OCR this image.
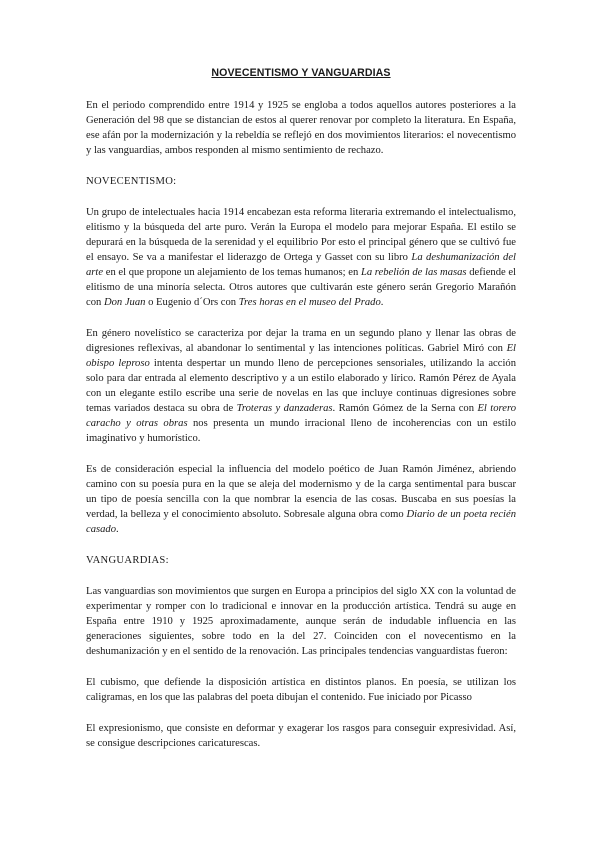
NOVECENTISMO Y VANGUARDIAS

En el periodo comprendido entre 1914 y 1925 se engloba a todos aquellos autores posteriores a la Generación del 98 que se distancian de estos al querer renovar por completo la literatura. En España, ese afán por la modernización y la rebeldía se reflejó en dos movimientos literarios: el novecentismo y las vanguardias, ambos responden al mismo sentimiento de rechazo.

NOVECENTISMO:

Un grupo de intelectuales hacia 1914 encabezan esta reforma literaria extremando el intelectualismo, elitismo y la búsqueda del arte puro. Verán la Europa el modelo para mejorar España. El estilo se depurará en la búsqueda de la serenidad y el equilibrio Por esto el principal género que se cultivó fue el ensayo. Se va a manifestar el liderazgo de Ortega y Gasset con su libro La deshumanización del arte en el que propone un alejamiento de los temas humanos; en La rebelión de las masas defiende el elitismo de una minoría selecta. Otros autores que cultivarán este género serán Gregorio Marañón con Don Juan o Eugenio d´Ors con Tres horas en el museo del Prado.

En género novelístico se caracteriza por dejar la trama en un segundo plano y llenar las obras de digresiones reflexivas, al abandonar lo sentimental y las intenciones políticas. Gabriel Miró con El obispo leproso intenta despertar un mundo lleno de percepciones sensoriales, utilizando la acción solo para dar entrada al elemento descriptivo y a un estilo elaborado y lírico. Ramón Pérez de Ayala con un elegante estilo escribe una serie de novelas en las que incluye continuas digresiones sobre temas variados destaca su obra de Troteras y danzaderas. Ramón Gómez de la Serna con El torero caracho y otras obras nos presenta un mundo irracional lleno de incoherencias con un estilo imaginativo y humorístico.

Es de consideración especial la influencia del modelo poético de Juan Ramón Jiménez, abriendo camino con su poesía pura en la que se aleja del modernismo y de la carga sentimental para buscar un tipo de poesía sencilla con la que nombrar la esencia de las cosas. Buscaba en sus poesías la verdad, la belleza y el conocimiento absoluto. Sobresale alguna obra como Diario de un poeta recién casado.

VANGUARDIAS:

Las vanguardias son movimientos que surgen en Europa a principios del siglo XX con la voluntad de experimentar y romper con lo tradicional e innovar en la producción artística. Tendrá su auge en España entre 1910 y 1925 aproximadamente, aunque serán de indudable influencia en las generaciones siguientes, sobre todo en la del 27. Coinciden con el novecentismo en la deshumanización y en el sentido de la renovación. Las principales tendencias vanguardistas fueron:

El cubismo, que defiende la disposición artística en distintos planos. En poesía, se utilizan los caligramas, en los que las palabras del poeta dibujan el contenido. Fue iniciado por Picasso

El expresionismo, que consiste en deformar y exagerar los rasgos para conseguir expresividad. Así, se consigue descripciones caricaturescas.
